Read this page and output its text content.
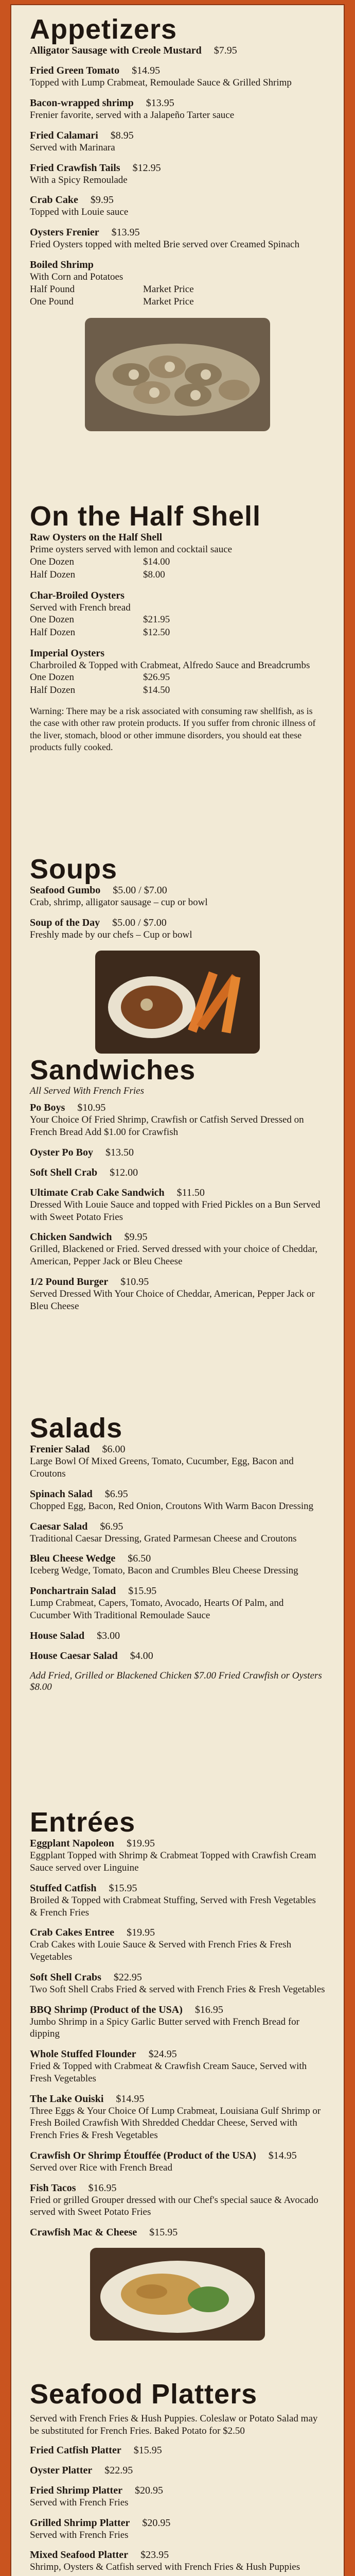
Appetizers
Alligator Sausage with Creole Mustard $7.95
Fried Green Tomato $14.95
Topped with Lump Crabmeat, Remoulade Sauce & Grilled Shrimp
Bacon-wrapped shrimp $13.95
Frenier favorite, served with a Jalapeño Tarter sauce
Fried Calamari $8.95
Served with Marinara
Fried Crawfish Tails $12.95
With a Spicy Remoulade
Crab Cake $9.95
Topped with Louie sauce
Oysters Frenier $13.95
Fried Oysters topped with melted Brie served over Creamed Spinach
Boiled Shrimp
With Corn and Potatoes
Half Pound	Market Price
One Pound	Market Price
On the Half Shell
Raw Oysters on the Half Shell
Prime oysters served with lemon and cocktail sauce
One Dozen	$14.00
Half Dozen	$8.00
Char-Broiled Oysters
Served with French bread
One Dozen	$21.95
Half Dozen	$12.50
Imperial Oysters
Charbroiled & Topped with Crabmeat, Alfredo Sauce and Breadcrumbs
One Dozen	$26.95
Half Dozen	$14.50

Warning: There may be a risk associated with consuming raw shellfish, as is the case with other raw protein products. If you suffer from chronic illness of the liver, stomach, blood or other immune disorders, you should eat these products fully cooked.

Soups
Seafood Gumbo $5.00 / $7.00
Crab, shrimp, alligator sausage – cup or bowl
Soup of the Day $5.00 / $7.00
Freshly made by our chefs – Cup or bowl
Sandwiches
All Served With French Fries
Po Boys $10.95
Your Choice Of Fried Shrimp, Crawfish or Catfish Served Dressed on French Bread Add $1.00 for Crawfish
Oyster Po Boy $13.50
Soft Shell Crab $12.00
Ultimate Crab Cake Sandwich $11.50
Dressed With Louie Sauce and topped with Fried Pickles on a Bun Served with Sweet Potato Fries
Chicken Sandwich $9.95
Grilled, Blackened or Fried. Served dressed with your choice of Cheddar, American, Pepper Jack or Bleu Cheese
1/2 Pound Burger $10.95
Served Dressed With Your Choice of Cheddar, American, Pepper Jack or Bleu Cheese
Salads
Frenier Salad $6.00
Large Bowl Of Mixed Greens, Tomato, Cucumber, Egg, Bacon and Croutons
Spinach Salad $6.95
Chopped Egg, Bacon, Red Onion, Croutons With Warm Bacon Dressing
Caesar Salad $6.95
Traditional Caesar Dressing, Grated Parmesan Cheese and Croutons
Bleu Cheese Wedge $6.50
Iceberg Wedge, Tomato, Bacon and Crumbles Bleu Cheese Dressing
Ponchartrain Salad $15.95
Lump Crabmeat, Capers, Tomato, Avocado, Hearts Of Palm, and Cucumber With Traditional Remoulade Sauce
House Salad $3.00
House Caesar Salad $4.00
Add Fried, Grilled or Blackened Chicken $7.00 Fried Crawfish or Oysters $8.00
Entrées
Eggplant Napoleon $19.95
Eggplant Topped with Shrimp & Crabmeat Topped with Crawfish Cream Sauce served over Linguine
Stuffed Catfish $15.95
Broiled & Topped with Crabmeat Stuffing, Served with Fresh Vegetables & French Fries
Crab Cakes Entree $19.95
Crab Cakes with Louie Sauce & Served with French Fries & Fresh Vegetables
Soft Shell Crabs $22.95
Two Soft Shell Crabs Fried & served with French Fries & Fresh Vegetables
BBQ Shrimp (Product of the USA) $16.95
Jumbo Shrimp in a Spicy Garlic Butter served with French Bread for dipping
Whole Stuffed Flounder $24.95
Fried & Topped with Crabmeat & Crawfish Cream Sauce, Served with Fresh Vegetables
The Lake Ouiski $14.95
Three Eggs & Your Choice Of Lump Crabmeat, Louisiana Gulf Shrimp or Fresh Boiled Crawfish With Shredded Cheddar Cheese, Served with French Fries & Fresh Vegetables
Crawfish Or Shrimp Étouffée (Product of the USA) $14.95
Served over Rice with French Bread
Fish Tacos $16.95
Fried or grilled Grouper dressed with our Chef's special sauce & Avocado served with Sweet Potato Fries
Crawfish Mac & Cheese $15.95
Seafood Platters
Served with French Fries & Hush Puppies. Coleslaw or Potato Salad may be substituted for French Fries. Baked Potato for $2.50
Fried Catfish Platter $15.95
Oyster Platter $22.95
Fried Shrimp Platter $20.95
Served with French Fries
Grilled Shrimp Platter $20.95
Served with French Fries
Mixed Seafood Platter $23.95
Shrimp, Oysters & Catfish served with French Fries & Hush Puppies
